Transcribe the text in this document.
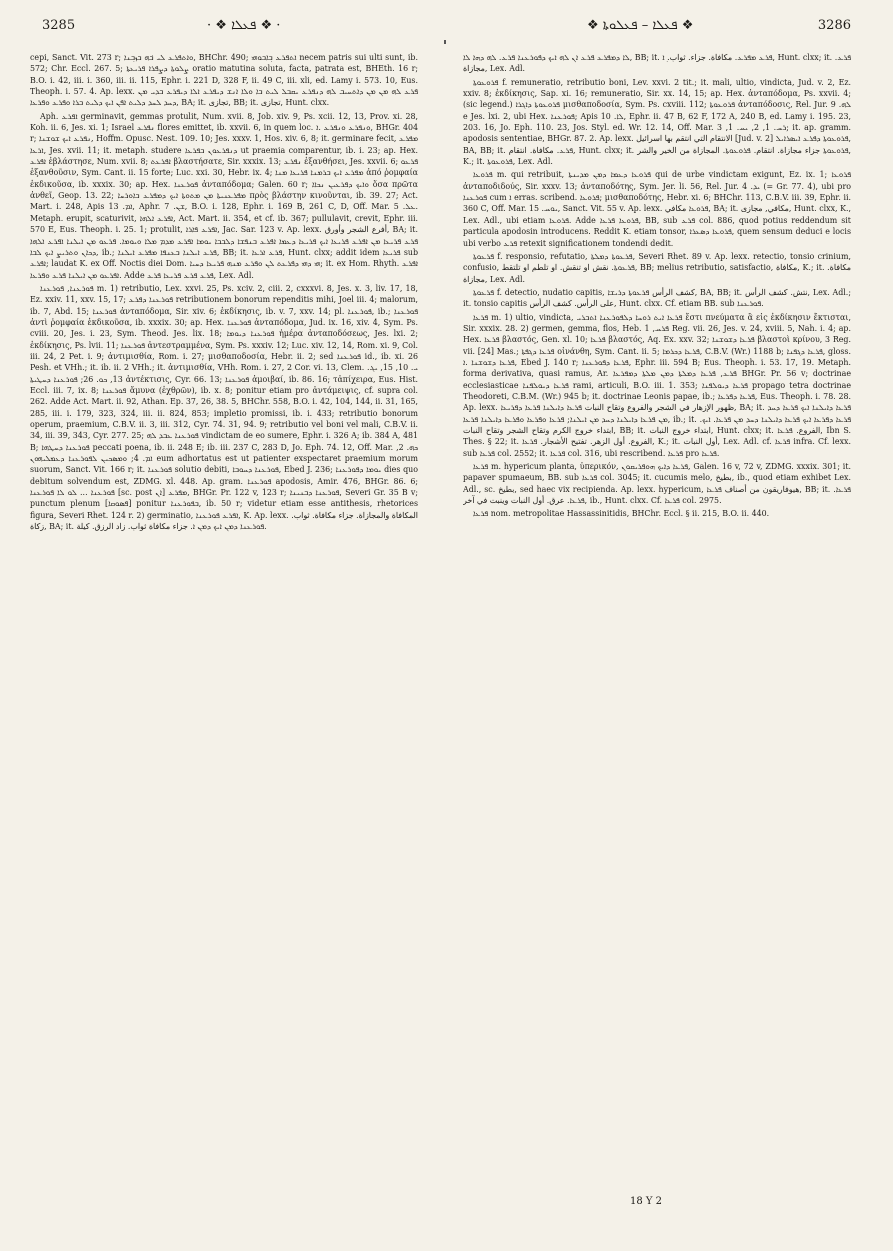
3285	· ❖ ܦܥܠܐ ❖ ·	❖ ܦܥܠܐ – ܦܥܠܘܬܐ ❖	3286

cepi, Sanct. Vit. 273 r; ܘܐܬܦܪܥ ܠܝ ܒ݁ܗ ܒܙܒ݂ܢܐ, BHChr. 490; ܐܬܦܪܥ ܒ݂ܐܒܘܗܝ necem patris sui ulti sunt, ib. 572; Chr. Eccl. 267. 5; ܨܠܘܬܐ ܕܨܦܪܐ ܦܪܝܥܬܐ oratio matutina soluta, facta, patrata est, BHEth. 16 r; B.O. i. 42, iii. i. 360, iii. ii. 115, Ephr. i. 221 D, 328 F, ii. 49 C, iii. xli, ed. Lamy i. 573. 10, Eus. Theoph. i. 57. 4. Ap. lexx. ܦܪܥ ܠܗ ܡܢ ܡܢ ܕܐܬܚܝܒ ܠܗ ܕܢܦܪܥ ܝܩܒܠ ܠܝܬ ܒܐ ܘܠܐ ܐܢܫ ܕܝܦܪܥ ܐܠܐ ܕܝܦܪܥ ܒܕܝ ܡܢ ܕܚܕ ܠܚܕ ܕܠܝܬ ܐܦܢ ܐܝܟ ܕܠܝܬ ܒܪܐ ܘܦܪܥ ܘܦܪܥܐ, BA; it. تجازى, BB; it. تجازى, Hunt. clxx.

Aph. ܐܦܪܥ germinavit, gemmas protulit, Num. xvii. 8, Job. xiv. 9, Ps. xcii. 12, 13, Prov. xi. 28, Koh. ii. 6, Jes. xi. 1; Israel ܢܦܪܥ flores emittet, ib. xxvii. 6, in quem loc. ܘܢܦܪܥ ܘܢܦܪܥ .ܐ, BHGr. 404 r; ܢܦܪܥ ܐܝܟ ܫܘܫܢܐ, Hoffm. Opusc. Nest. 109. 10; Jes. xxxv. 1, Hos. xiv. 6, 8; it. germinare fecit, ܡܦܪܥ ܐܪܥܐ, Jes. xvii. 11; it. metaph. studere ܕܢܦܪܥܘܢ ܒܦܪܥܐ ut praemia comparentur, ib. i. 23; ap. Hex. ܐܦܪܥ ἐβλάστησε, Num. xvii. 8; ܐܦܪܥܬ βλαστήσατε, Sir. xxxix. 13; ܢܦܪܥ ἐξανθήσει, Jes. xxvii. 6; ܦܪܥܘ ἐξανθοῦσιν, Sym. Cant. ii. 15 forte; Luc. xxi. 30, Hebr. ix. 4; ܡܦܪܥ ܐܝܟ ܒܪܡܢܐ ܦܪܝܥܐ ܡܢܐ ἀπό ῥομφαία ἐκδικοῦσα, ib. xxxix. 30; ap. Hex. ܦܘܪܥܢܐ ἀνταπόδομα; Galen. 60 r; ܘܐܝܟ ܕܦܪܥܝܢ ܢܟܐܐ ὅσα πρῶτα ἀνθεῖ, Geop. 13. 22; ܡܦܪܥܢܝܬܐ ܡܢ ܡܬܘܬܐ ܐܝܟ ܕܡܦܪܥ ܒܐܘܪܚܐ πρὸς βλάστην κινοῦνται, ib. 39. 27; Act. Mart. i. 248, Apis ܐܡ. 13, Aphr. ܫܢ. 7, B.O. i. 128, Ephr. i. 169 B, 261 C, D, Off. Mar. ܥܠ. 5. Metaph. erupit, scaturivit, ܐܦܪܥ ܐܠܗܐ, Act. Mart. ii. 354, et cf. ib. 367; pullulavit, crevit, Ephr. iii. 570 E, Eus. Theoph. i. 25. 1; protulit, ܐܦܪܥ ܦܐܪܐ, Jac. Sar. 123 v. Ap. lexx. أفرع الشجر وأورق, BA; it. ܦܪܥ ܦܪܝܥܐ ܡܢ ܐܦܪܥ ܦܪܝܥܐ ܐܝܟ ܦܪܝܥܐ ܕܥܡܐ ܐܦܪܥ ܒܢܦܫܐ ܕܠܒܒܐ ܝܘܡܐ ܐܦܪܥ ܡܕܡ ܡܠܐ ܘܝܘܡܐ. ܦܪܥܘ ܡܢ ܐܝܠܢܐ ܐܦܪܥ ܐܠܗܐ ܕܟܐܢ ܘܬܪܝܨ ܐܝܟ ܠܒܐ, ib.; ܦܪܥ ܐܝܠܢܐ ܒܥܢܦܐ ܡܦܪܥ ܐܝܠܢܐ, BB; it. ܦܪܥ ܐܪܥܐ, Hunt. clxx; addit idem ܦܪܝܥܐ sub ܐܦܪܥ; laudat K. ex Off. Noctis diei Dom. ܗܝ ܕܗܝ ܕܦܪܥܬ ܠܢ ܘܦܪܥ ܡܢܗ ܦܪܝܥܐ ܕܚܝܐ; it. ex Hom. Rhyth. ܐܦܪܥ ܐܦܪܥܘ ܡܢ ܐܝܠܢܐ ܦܪܥ ܘܦܪܥܐ. Adde ܦܪܥ ܦܪܥ ܦܪܝܥܐ ܦܪܥ, Lex. Adl.

ܦܘܪܥܢܐ, ܦܘܪܥܢܐ m. 1) retributio, Lex. xxvi. 25, Ps. xciv. 2, ciii. 2, cxxxvi. 8, Jes. x. 3, liv. 17, 18, Ez. xxiv. 11, xxv. 15, 17; ܦܘܪܥܢܐ ܕܦܪܥ retributionem bonorum rependitis mihi, Joel iii. 4; malorum, ib. 7, Abd. 15; ܦܘܪܥܢܐ ἀνταπόδομα, Sir. xiv. 6; ἐκδίκησις, ib. v. 7, xxv. 14; pl. ܦܘܪܥܢܐ, ib.; ܦܘܪܥܢܐ ἀντὶ ῥομφαία ἐκδικοῦσα, ib. xxxix. 30; ap. Hex. ܦܘܪܥܢܐ ἀνταπόδομα, Jud. ix. 16, xiv. 4, Sym. Ps. cviii. 20, Jes. i. 23, Sym. Theod. Jes. lix. 18; ܦܘܪܥܢܐ ܕܝܘܡܐ ἡμέρα ἀνταποδόσεως, Jes. lxi. 2; ἐκδίκησις, Ps. lvii. 11; ܦܘܪܥܢܐ ἀντεστραμμένα, Sym. Ps. xxxiv. 12; Luc. xiv. 12, 14, Rom. xi. 9, Col. iii. 24, 2 Pet. i. 9; ἀντιμισθία, Rom. i. 27; μισθαποδοσία, Hebr. ii. 2; sed ܦܘܪܥܢܐ id., ib. xi. 26 Pesh. et VHh.; it. ib. ii. 2 VHh.; it. ἀντιμισθία, VHh. Rom. i. 27, 2 Cor. vi. 13, Clem. ܝ. 10, 15, ܝܓ. 13, ܟܘ. 26; ܦܘܪܥܢܐ ܕܚܛܝܬܐ ἀντέκτισις, Cyr. 66. 13; ܦܘܪܥܢܐ ἀμοιβαί, ib. 86. 16; τἀπίχειρα, Eus. Hist. Eccl. iii. 7, ix. 8; ܦܘܪܥܢܐ ἄμυνα (ἐχθρῶν), ib. x. 8; ponitur etiam pro ἀντάμειψις, cf. supra col. 262. Adde Act. Mart. ii. 92, Athan. Ep. 37, 26, 38. 5, BHChr. 558, B.O. i. 42, 104, 144, ii. 31, 165, 285, iii. i. 179, 323, 324, iii. ii. 824, 853; impletio promissi, ib. i. 433; retributio bonorum operum, praemium, C.B.V. ii. 3, iii. 312, Cyr. 74. 31, 94. 9; retributio vel boni vel mali, C.B.V. ii. 34, iii. 39, 343, Cyr. 277. 25; ܦܘܪܥܢܐ ܥܒܕ ܠܗ vindictam de eo sumere, Ephr. i. 326 A; ib. 384 A, 481 B; ܦܘܪܥܢܐ ܕܚܛܗܐ peccati poena, ib. ii. 248 E; ib. iii. 237 C, 283 D, Jo. Eph. 74. 12, Off. Mar. ܟܗ. 2, ܐܡ. 4; ܘܡܣܟܝܢ ܠܦܘܪܥܢܐ ܕܥܡܠܝܗܘܢ eum adhortatus est ut patienter exspectaret praemium morum suorum, Sanct. Vit. 166 r; it. ܦܘܪܥܢܐ solutio debiti, ܦܘܪܥܢܐ ܕܚܘܒܐ, Ebed J. 236; ܝܘܡܐ ܕܦܘܪܥܢܐ dies quo debitum solvendum est, ZDMG. xl. 448. Ap. gram. ܦܘܪܥܢܐ apodosis, Amir. 476, BHGr. 86. 6; ܦܘܪܥܢܐ ... ܠܘ ܠܐ ܦܘܪܥܢܐ [sc. post ܐܢ] ܡܦܪܥ, BHGr. Pr. 122 v, 123 r; ܦܘܪܥܢܐ ܕܒܢܝܢܐ, Severi Gr. 35 B v; punctum plenum [ܦܣܘܩܐ] ponitur ܒܦܘܪܥܢܐ, ib. 50 r; videtur etiam esse antithesis, rhetorices figura, Severi Rhet. 124 r. 2) germinatio, ܐܦܪܥ ܦܘܪܥܢܐ, K. Ap. lexx. المكافاة والمجازاة. جزاء مكافاة. ثواب. زكاة, BA; it. ܦܘܪܥܢܐ ܕܡܢ ܐܝܟ ܕܡܢ ܐ. جزاء مكافاة ثواب. زاد الرزق. كيلة.

ܠܐ ܕܡܦܪܥ ܦܪܥ ܐܢ ܠܗ ܐܝܟ ܕܦܘܪܥܢܐ ܦܪܥ. ܠܗ ܕܗܐ ܠܐ, BB; it. ܦܪܥ ܡܦܪܥ. مكافاة. جزاء. ثواب. ݂ܐ, Hunt. clxx; it. ܦܪܥ. مجازاة, Lex. Adl.

ܦܪܘܥܘܬܐ f. remuneratio, retributio boni, Lev. xxvi. 2 tit.; it. mali, ultio, vindicta, Jud. v. 2, Ez. xxiv. 8; ἐκδίκησις, Sap. xi. 16; remuneratio, Sir. xx. 14, 15; ap. Hex. ἀνταπόδομα, Ps. xxvii. 4; (sic legend.) ܦܪܘܥܘܬܐ ܕܐܓܪܐ μισθαποδοσία, Sym. Ps. cxviii. 112; ܦܪܘܥܘܬܐ ἀνταπόδοσις, Rel. Jur. ܠܗ. 9 e Jes. lxi. 2, ubi Hex. ܦܘܪܥܢܐ; Apis ܠܐ. 10, Ephr. ii. 47 B, 62 F, 172 A, 240 B, ed. Lamy i. 195. 23, 203. 16, Jo. Eph. 110. 23, Jos. Styl. ed. Wr. 12. 14, Off. Mar. ܪܚ. 1, 2, ܝܚ. 1, 3; it. ap. gramm. apodosis sententiae, BHGr. 87. 2. Ap. lexx. الانتقام التي انتقم بها اسرائيل [Jud. v. 2] ܦܪܘܥܘܬܐ ܕܦܪܥ ܐܝܣܪܐܝܠ, BA, BB; it. ܦܪܥ. مكافاة. انتقام, Hunt. clxx; it. ܦܪܘܥܘܬܐ جزاء مجازاة. انتقام. ܦܪܘܥܘܬܐ. المجازاة من الخير والشر, K.; it. ܦܪܘܥܘܬܐ, Lex. Adl.

ܦܪܘܥܐ m. qui retribuit, ܦܪܘܥܐ ܕܥܡܐ ܕܡܢ ܡܕܝܢܬܐ qui de urbe vindictam exigunt, Ez. ix. 1; ܦܪܘܥܐ ἀνταποδιδούς, Sir. xxxv. 13; ἀνταποδότης, Sym. Jer. li. 56, Rel. Jur. ܝܕ. 4 (= Gr. 77. 4), ubi pro ܦܘܪܥܢܐ cum ܐ erras. scribend. ܦܪܘܥܐ; μισθαποδότης, Hebr. xi. 6; BHChr. 113, C.B.V. iii. 39, Ephr. ii. 360 C, Off. Mar. ܝܘܚ. 15, Sanct. Vit. 55 v. Ap. lexx. ܦܪܘܥܐ مكافي, BA; it. مكافي, مجازى, Hunt. clxx, K., Lex. Adl., ubi etiam ܦܪܘܥܐ. Adde ܦܪܘܥܐ ܦܪܥܐ, BB, sub ܦܪܥ col. 886, quod potius reddendum sit particula apodosin introducens. Reddit K. etiam tonsor, ܦܪܘܥܐ ܕܣܥܪܐ, quem sensum deduci e locis ubi verbo ܦܪܥ retexit significationem tondendi dedit.

ܦܪܥܘܬܐ f. responsio, refutatio, ܦܪܥܘܬܐ ܕܡܠܬܐ, Severi Rhet. 89 v. Ap. lexx. retectio, tonsio crinium, confusio, ܦܪܥܘܬܐ. نقش او تنقش. او تلطم او تلتقط, BB; melius retributio, satisfactio, مكافاة, K.; it. مكافاة. مجازاة, Lex. Adl.

ܦܪܥܘܬܐ f. detectio, nudatio capitis, كشف الرأس ܦܪܥܘܬܐ ܕܪܝܫܐ, BA, BB; it. نتش. كشف الرأس, Lex. Adl.; it. tonsio capitis على الرأس. كشف الرأس, Hunt. clxx. Cf. etiam BB. sub ܦܘܪܥܢܐ.

ܦܪܥܐ m. 1) ultio, vindicta, ܦܪܥܐ ܐܝܬ ܪܘܚܐ ܕܠܦܘܪܥܢܐ ܐܬܒܪܝ ἔστι πνεύματα ἃ εἰς ἐκδίκησιν ἔκτισται, Sir. xxxix. 28. 2) germen, gemma, flos, Heb. ܦܪܚ, 1 Reg. vii. 26, Jes. v. 24, xviii. 5, Nah. i. 4; ap. Hex. ܦܪܥܐ βλαστός, Gen. xl. 10; ܦܪܥܐ βλαστός, Aq. Ex. xxv. 32; ܦܪܥܐ ܕܫܘܫܢܐ βλαστοὶ κρίνου, 3 Reg. vii. [24] Mas.; ܦܪܥܐ ܕܓܦܬܐ οἰνάνθη, Sym. Cant. ii. 5; ܦܪܥܐ ܕܟܪܡܐ, C.B.V. (Wr.) 1188 b; ܦܪܥܐ ܕܓܦܢܐ, gloss. ܦܪܥܐ ܕܫܘܫܢܐ .ܐ, Ebed J. 140 r; ܦܪܥܐ ܕܦܘܪܥܢܐ, Ephr. iii. 594 B; Eus. Theoph. i. 53. 17, 19. Metaph. forma derivativa, quasi ramus, Ar. ܦܪܥ, ܦܪܥܐ ܕܡܠܬܐ ܕܡܢ ܡܠܬܐ ܕܡܦܪܥܐ BHGr. Pr. 56 v; doctrinae ecclesiasticae ܦܪܥܐ ܕܝܘܠܦܢܐ rami, articuli, B.O. iii. 1. 353; ܦܪܥܐ ܕܝܘܠܦܢܐ propago tetra doctrinae Theodoreti, C.B.M. (Wr.) 945 b; it. doctrinae Leonis papae, ib.; ܦܪܥܐ ܕܦܪܥܐ, Eus. Theoph. i. 78. 28. Ap. lexx. ظهور الإزهار في الشجر والفروع وتقاح النبات ܦܪܥܐ ܕܐܝܠܢܐ ܦܪܥܐ ܕܦܪܝܥܐ, BA; it. ܦܪܥܐ ܕܐܝܠܢܐ ܐܝܟ ܦܪܥܐ ܕܚܕ ܡܢ ܦܪܥܐ ܕܐܝܠܢܐ ܕܚܕ ܡܢ ܐܝܠܢܐ; ܦܪܥܐ ܘܦܪܥܐ ܘܦܪܥܐ ܕܐܝܠܢܐ ܦܪܥܐ, ib.; it. ܦܪܥܐ ܕܦܪܥܐ ܐܝܟ ܦܪܥܐ ܕܐܝܠܢܐ ܕܚܕ ܡܢ ܦܪܥܐ. ܐܝܟ. ابتداء خروج الكرم وتقاح الشجر وتقاح النبات, BB; it. ابتداء خروج النبات, Hunt. clxx; it. الفروع. ܦܪܥܐ, Ibn S. Thes. § 22; it. الفروع. أول الزهر. تفتيح الأشجار. ܦܪܥܐ, K.; it. أول النبات, Lex. Adl. cf. ܦܪܥܐ infra. Cf. lexx. sub ܦܪܥܐ col. 2552; it. ܦܪܥܐ col. 316, ubi rescribend. ܦܪܥܐ pro ܦܪܥܐ.

ܦܪܥܐ m. hypericum planta, ὑπερικόν, ܦܪܥܐ ܕܐܝܟ ܗܘܦܪܝܩܘܢ, Galen. 16 v, 72 v, ZDMG. xxxix. 301; it. papaver spumaeum, BB. sub ܦܪܥܐ col. 3045; it. cucumis melo, بطيخ, ib., quod etiam exhibet Lex. Adl., sc. بطيخ, sed haec vix recipienda. Ap. lexx. hypericum, هيوفاريقون من أصناف ܦܪܥܐ, BB; it. ܦܪܥܐ. ܦܪܥܐ. عرق. أول النبات وينبت في آخر, ib., Hunt. clxx. Cf. ܦܪܥܐ col. 2975.

ܦܪܥܐ nom. metropolitae Hassassinitidis, BHChr. Eccl. § ii. 215, B.O. ii. 440.

18 Y 2
